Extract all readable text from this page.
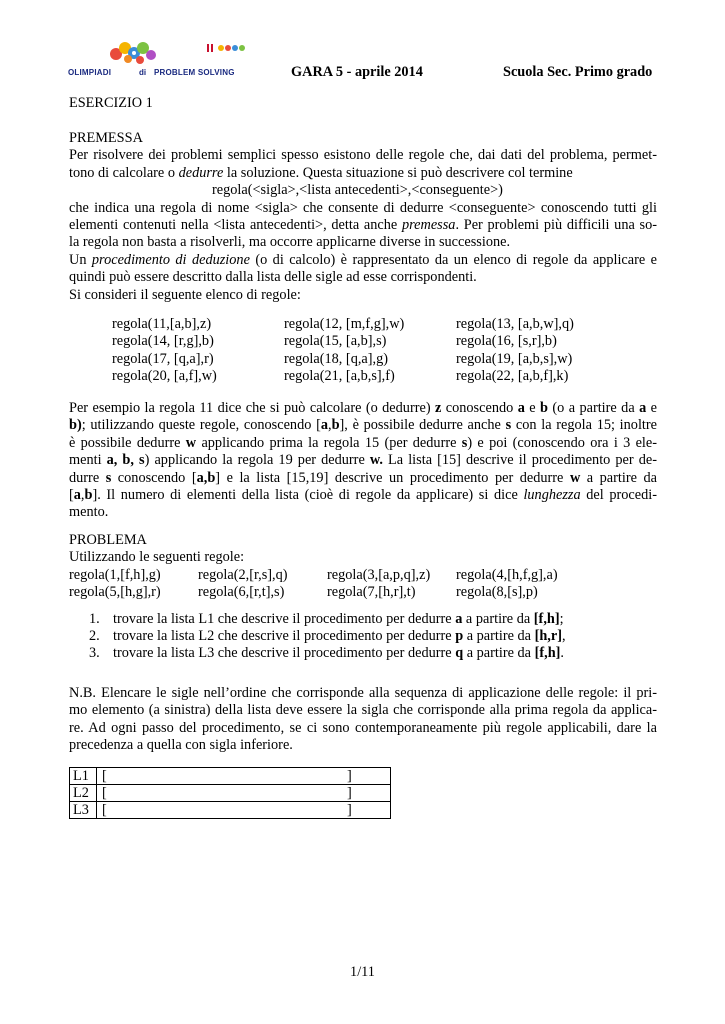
OLIMPIADI	di PROBLEM SOLVING	GARA 5 - aprile 2014	Scuola Sec. Primo grado
ESERCIZIO 1
PREMESSA
Per risolvere dei problemi semplici spesso esistono delle regole che, dai dati del problema, permet-
tono di calcolare o dedurre la soluzione. Questa situazione si può descrivere col termine
regola(<sigla>,<lista antecedenti>,<conseguente>)
che indica una regola di nome <sigla> che consente di dedurre <conseguente> conoscendo tutti gli
elementi contenuti nella <lista antecedenti>, detta anche premessa. Per problemi più difficili una so-
la regola non basta a risolverli, ma occorre applicarne diverse in successione.
Un procedimento di deduzione (o di calcolo) è rappresentato da un elenco di regole da applicare e
quindi può essere descritto dalla lista delle sigle ad esse corrispondenti.
Si consideri il seguente elenco di regole:
regola(11,[a,b],z)	regola(12, [m,f,g],w)	regola(13, [a,b,w],q)
regola(14, [r,g],b)	regola(15, [a,b],s)	regola(16, [s,r],b)
regola(17, [q,a],r)	regola(18, [q,a],g)	regola(19, [a,b,s],w)
regola(20, [a,f],w)	regola(21, [a,b,s],f)	regola(22, [a,b,f],k)
Per esempio la regola 11 dice che si può calcolare (o dedurre) z conoscendo a e b (o a partire da a e
b); utilizzando queste regole, conoscendo [a,b], è possibile dedurre anche s con la regola 15; inoltre
è possibile dedurre w applicando prima la regola 15 (per dedurre s) e poi (conoscendo ora i 3 ele-
menti a, b, s) applicando la regola 19 per dedurre w. La lista [15] descrive il procedimento per de-
durre s conoscendo [a,b] e la lista [15,19] descrive un procedimento per dedurre w a partire da
[a,b]. Il numero di elementi della lista (cioè di regole da applicare) si dice lunghezza del procedi-
mento.
PROBLEMA
Utilizzando le seguenti regole:
regola(1,[f,h],g)	regola(2,[r,s],q)	regola(3,[a,p,q],z) regola(4,[h,f,g],a)
regola(5,[h,g],r)	regola(6,[r,t],s)	regola(7,[h,r],t)	regola(8,[s],p)
1. trovare la lista L1 che descrive il procedimento per dedurre a a partire da [f,h];
2. trovare la lista L2 che descrive il procedimento per dedurre p a partire da [h,r],
3. trovare la lista L3 che descrive il procedimento per dedurre q a partire da [f,h].
N.B. Elencare le sigle nell’ordine che corrisponde alla sequenza di applicazione delle regole: il pri-
mo elemento (a sinistra) della lista deve essere la sigla che corrisponde alla prima regola da applica-
re. Ad ogni passo del procedimento, se ci sono contemporaneamente più regole applicabili, dare la
precedenza a quella con sigla inferiore.
L1	[ ]

L2	[ ]

L3	[ ]
1/11
